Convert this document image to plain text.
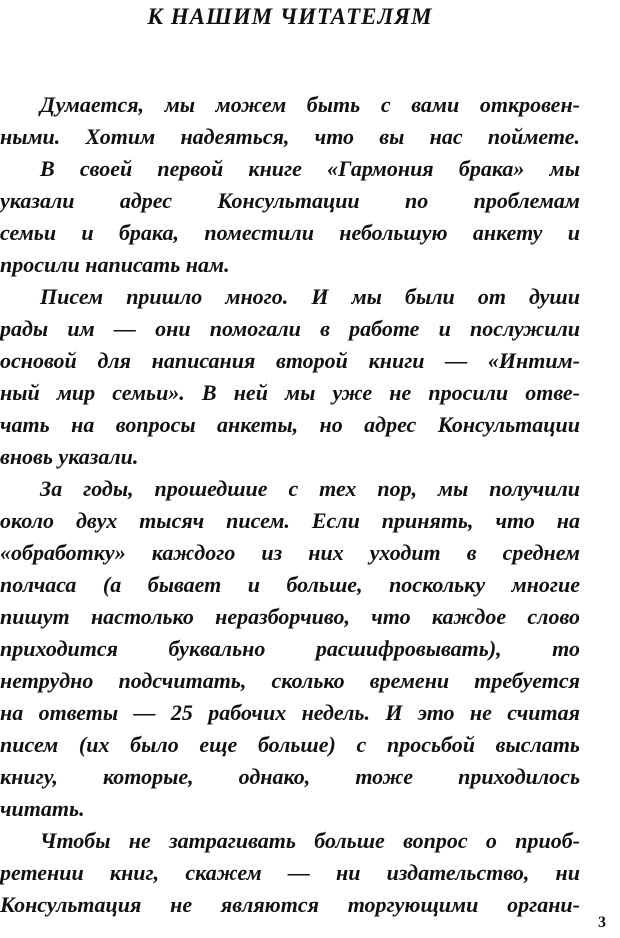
К НАШИМ ЧИТАТЕЛЯМ
Думается, мы можем быть с вами откровен-
ными. Хотим надеяться, что вы нас поймете.
В своей первой книге «Гармония брака» мы
указали адрес Консультации по проблемам
семьи и брака, поместили небольшую анкету и
просили написать нам.
Писем пришло много. И мы были от души
рады им — они помогали в работе и послужили
основой для написания второй книги — «Интим-
ный мир семьи». В ней мы уже не просили отве-
чать на вопросы анкеты, но адрес Консультации
вновь указали.
За годы, прошедшие с тех пор, мы получили
около двух тысяч писем. Если принять, что на
«обработку» каждого из них уходит в среднем
полчаса (а бывает и больше, поскольку многие
пишут настолько неразборчиво, что каждое слово
приходится буквально расшифровывать), то
нетрудно подсчитать, сколько времени требуется
на ответы — 25 рабочих недель. И это не считая
писем (их было еще больше) с просьбой выслать
книгу, которые, однако, тоже приходилось
читать.
Чтобы не затрагивать больше вопрос о приоб-
ретении книг, скажем — ни издательство, ни
Консультация не являются торгующими органи-
3
